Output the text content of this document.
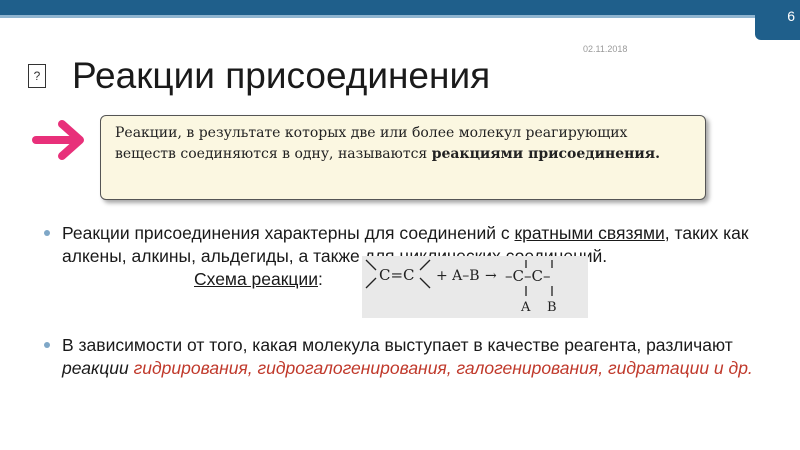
6
02.11.2018
? Реакции присоединения
Реакции, в результате которых две или более молекул реагирующих веществ соединяются в одну, называются реакциями присоединения.
Реакции присоединения характерны для соединений с кратными связями, таких как алкены, алкины, альдегиды, а также для циклических соединений.
Схема реакции:	C=C + A–B → –C–C–
A B
В зависимости от того, какая молекула выступает в качестве реагента, различают реакции гидрирования, гидрогалогенирования, галогенирования, гидратации и др.
